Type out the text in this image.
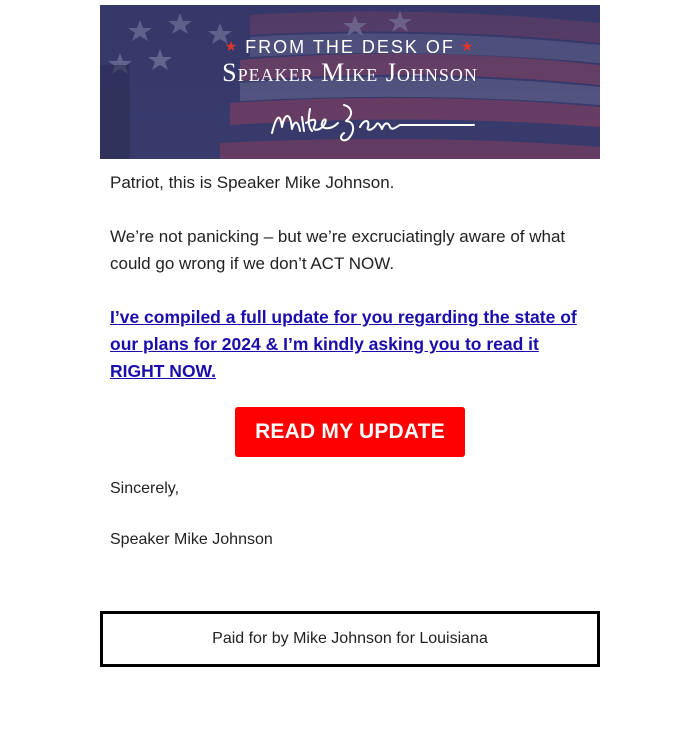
★ FROM THE DESK OF ★
Speaker Mike Johnson

Patriot, this is Speaker Mike Johnson.

We’re not panicking – but we’re excruciatingly aware of what could go wrong if we don’t ACT NOW.

I’ve compiled a full update for you regarding the state of our plans for 2024 & I’m kindly asking you to read it RIGHT NOW.

READ MY UPDATE

Sincerely,

Speaker Mike Johnson

Paid for by Mike Johnson for Louisiana
